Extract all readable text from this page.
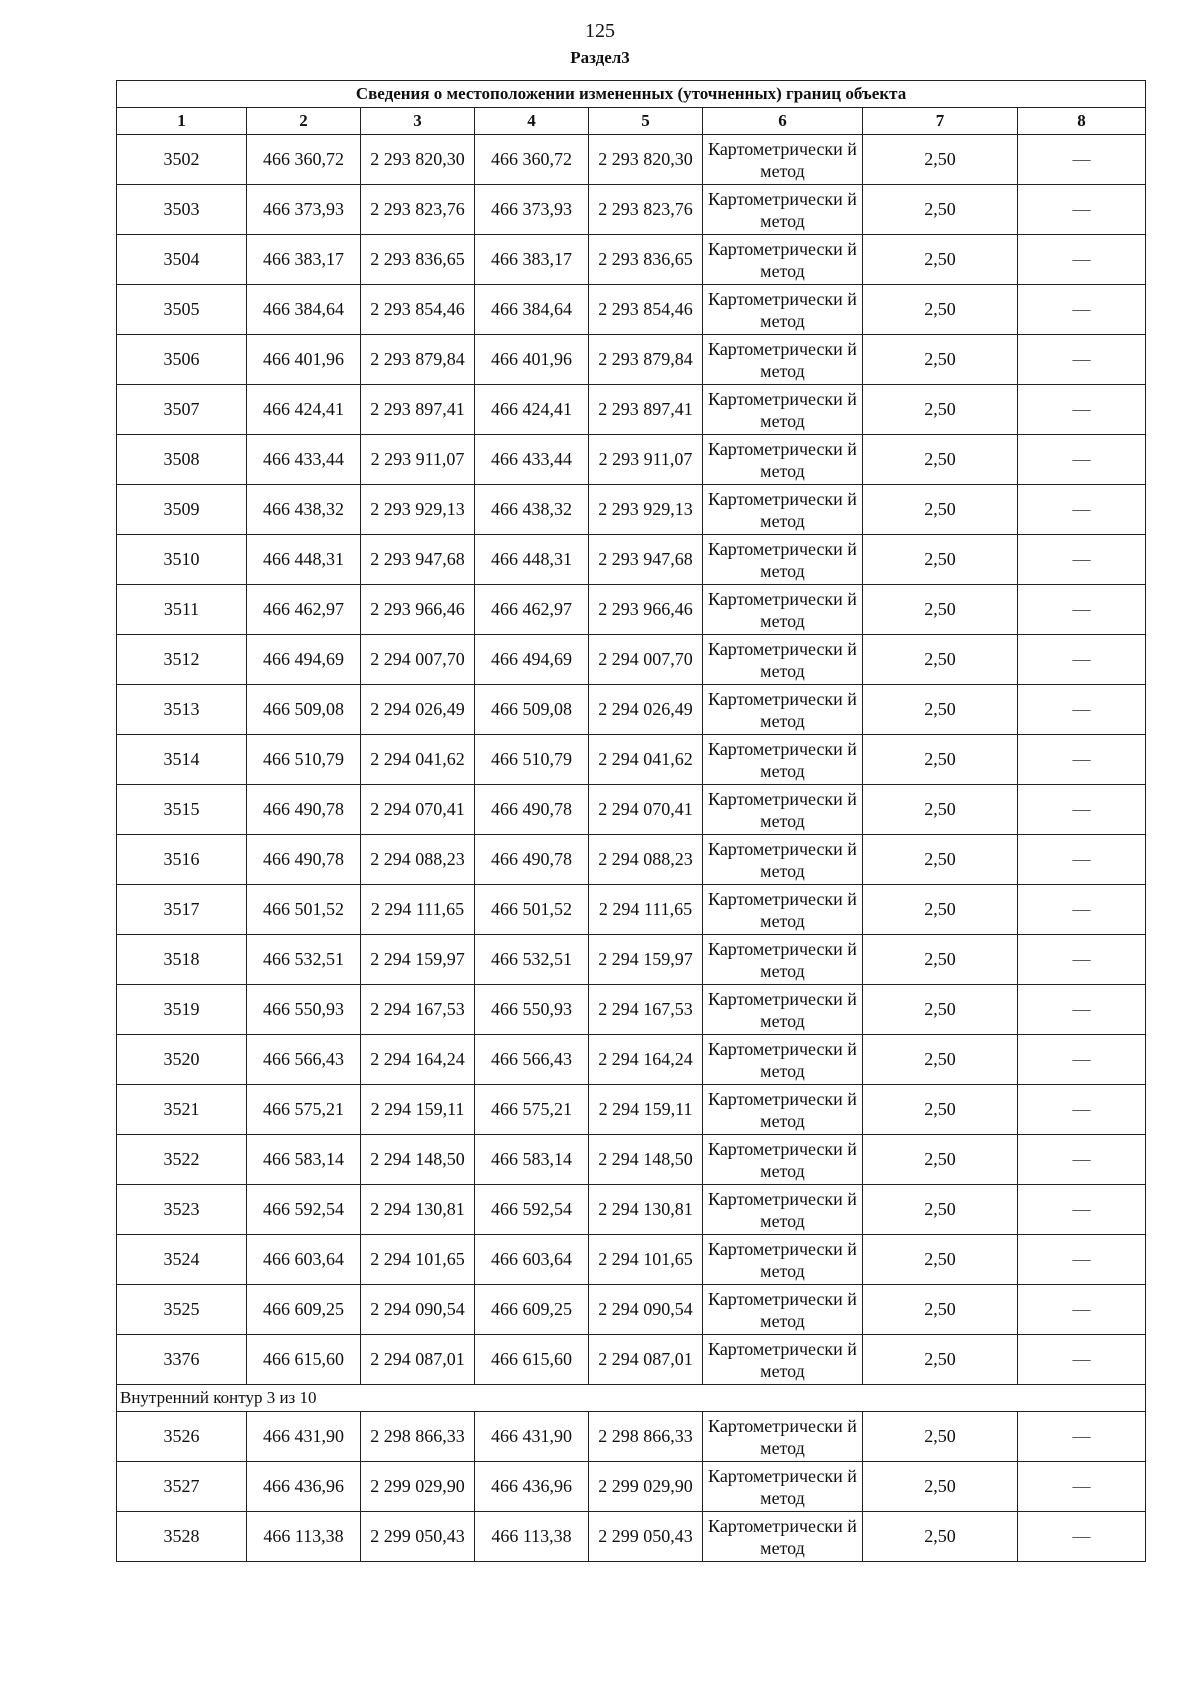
125
Раздел3
Сведения о местоположении измененных (уточненных) границ объекта							
1	2	3	4	5	6	7	8
3502	466 360,72	2 293 820,30	466 360,72	2 293 820,30	Картометрически й метод	2,50	—
3503	466 373,93	2 293 823,76	466 373,93	2 293 823,76	Картометрически й метод	2,50	—
3504	466 383,17	2 293 836,65	466 383,17	2 293 836,65	Картометрически й метод	2,50	—
3505	466 384,64	2 293 854,46	466 384,64	2 293 854,46	Картометрически й метод	2,50	—
3506	466 401,96	2 293 879,84	466 401,96	2 293 879,84	Картометрически й метод	2,50	—
3507	466 424,41	2 293 897,41	466 424,41	2 293 897,41	Картометрически й метод	2,50	—
3508	466 433,44	2 293 911,07	466 433,44	2 293 911,07	Картометрически й метод	2,50	—
3509	466 438,32	2 293 929,13	466 438,32	2 293 929,13	Картометрически й метод	2,50	—
3510	466 448,31	2 293 947,68	466 448,31	2 293 947,68	Картометрически й метод	2,50	—
3511	466 462,97	2 293 966,46	466 462,97	2 293 966,46	Картометрически й метод	2,50	—
3512	466 494,69	2 294 007,70	466 494,69	2 294 007,70	Картометрически й метод	2,50	—
3513	466 509,08	2 294 026,49	466 509,08	2 294 026,49	Картометрически й метод	2,50	—
3514	466 510,79	2 294 041,62	466 510,79	2 294 041,62	Картометрически й метод	2,50	—
3515	466 490,78	2 294 070,41	466 490,78	2 294 070,41	Картометрически й метод	2,50	—
3516	466 490,78	2 294 088,23	466 490,78	2 294 088,23	Картометрически й метод	2,50	—
3517	466 501,52	2 294 111,65	466 501,52	2 294 111,65	Картометрически й метод	2,50	—
3518	466 532,51	2 294 159,97	466 532,51	2 294 159,97	Картометрически й метод	2,50	—
3519	466 550,93	2 294 167,53	466 550,93	2 294 167,53	Картометрически й метод	2,50	—
3520	466 566,43	2 294 164,24	466 566,43	2 294 164,24	Картометрически й метод	2,50	—
3521	466 575,21	2 294 159,11	466 575,21	2 294 159,11	Картометрически й метод	2,50	—
3522	466 583,14	2 294 148,50	466 583,14	2 294 148,50	Картометрически й метод	2,50	—
3523	466 592,54	2 294 130,81	466 592,54	2 294 130,81	Картометрически й метод	2,50	—
3524	466 603,64	2 294 101,65	466 603,64	2 294 101,65	Картометрически й метод	2,50	—
3525	466 609,25	2 294 090,54	466 609,25	2 294 090,54	Картометрически й метод	2,50	—
3376	466 615,60	2 294 087,01	466 615,60	2 294 087,01	Картометрически й метод	2,50	—
Внутренний контур 3 из 10							
3526	466 431,90	2 298 866,33	466 431,90	2 298 866,33	Картометрически й метод	2,50	—
3527	466 436,96	2 299 029,90	466 436,96	2 299 029,90	Картометрически й метод	2,50	—
3528	466 113,38	2 299 050,43	466 113,38	2 299 050,43	Картометрически й метод	2,50	—
